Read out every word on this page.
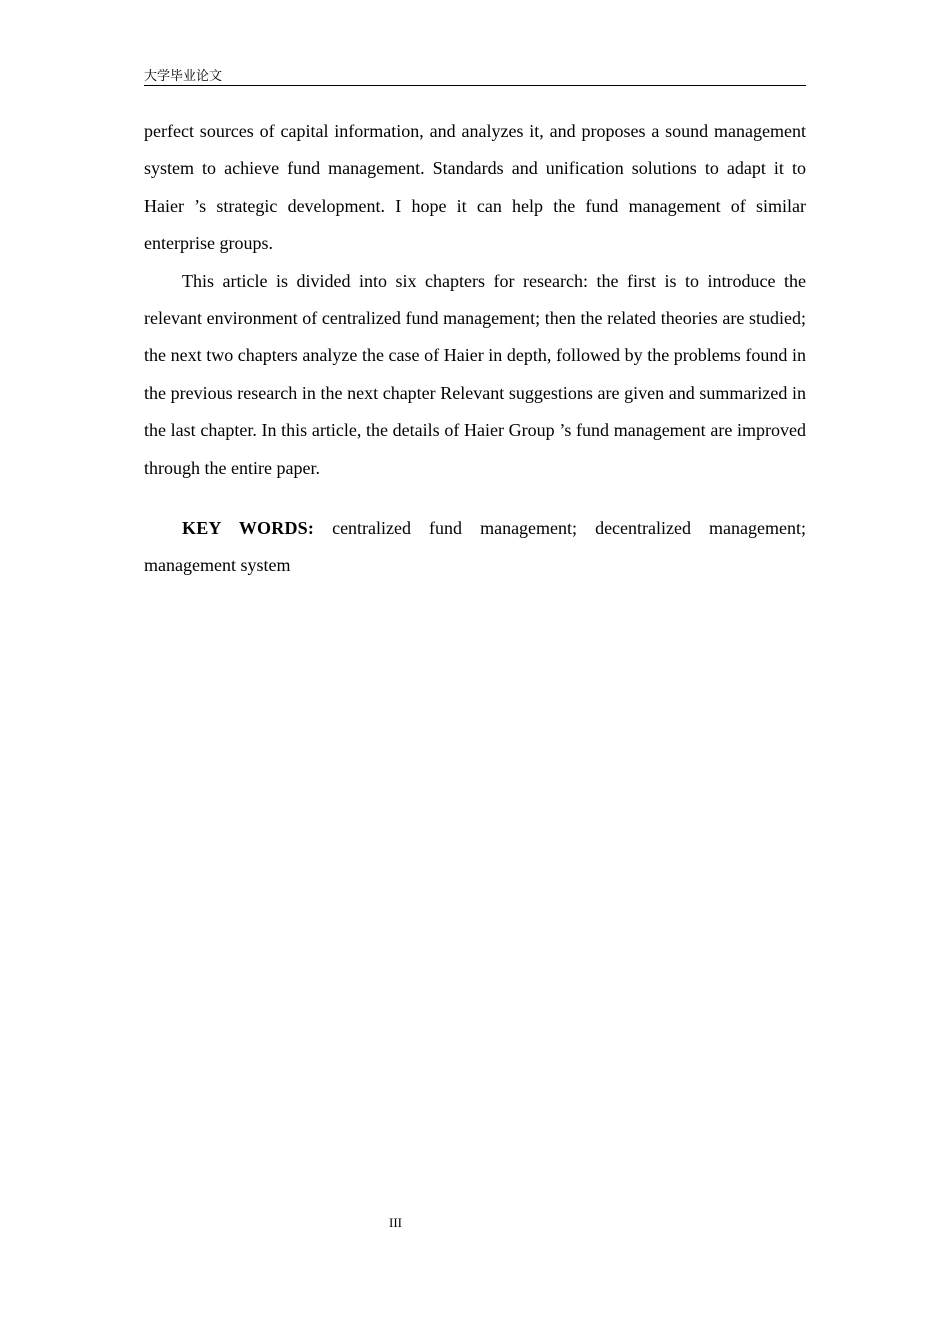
大学毕业论文

perfect sources of capital information, and analyzes it, and proposes a sound management system to achieve fund management. Standards and unification solutions to adapt it to Haier ’s strategic development. I hope it can help the fund management of similar enterprise groups.

This article is divided into six chapters for research: the first is to introduce the relevant environment of centralized fund management; then the related theories are studied; the next two chapters analyze the case of Haier in depth, followed by the problems found in the previous research in the next chapter Relevant suggestions are given and summarized in the last chapter. In this article, the details of Haier Group ’s fund management are improved through the entire paper.

KEY WORDS: centralized fund management; decentralized management; management system

III
